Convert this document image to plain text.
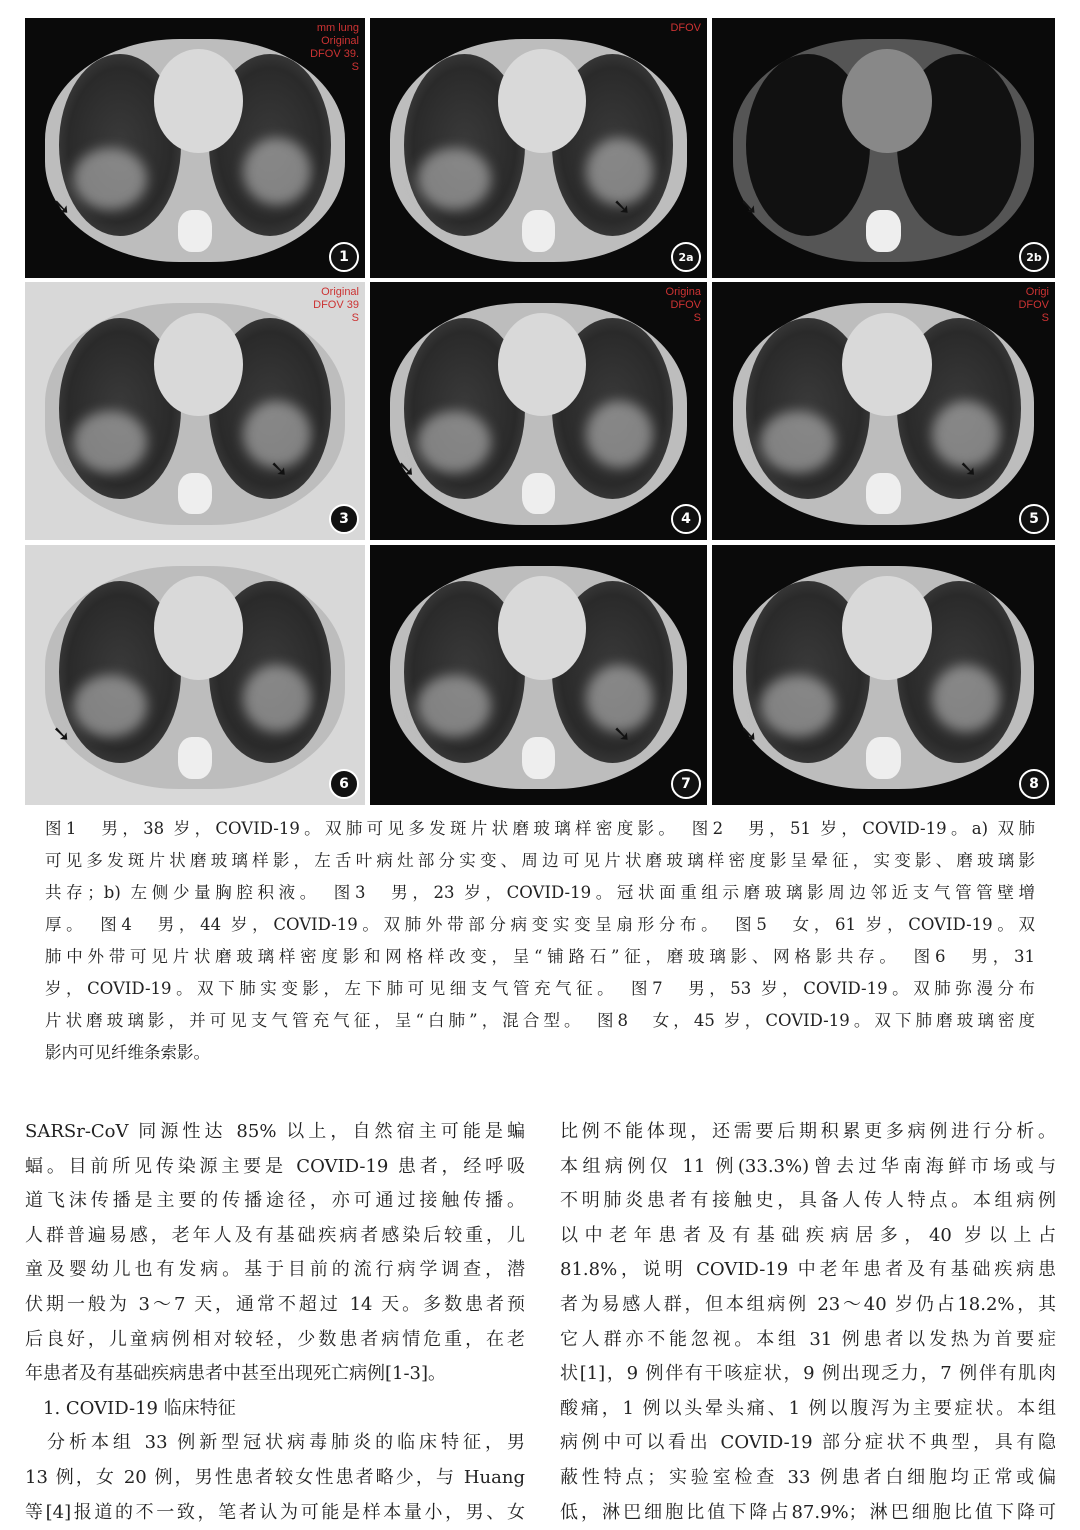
➘
mm lung
Original
DFOV 39.
S
1
➘
DFOV
2a
➘
2b
➘
Original
DFOV 39
S
3
➘
Origina
DFOV
S
4
➘
Origi
DFOV
S
5
➘
6
➘
7
➘
8
图1　男，38 岁，COVID-19。双肺可见多发斑片状磨玻璃样密度影。　图2　男，51 岁，COVID-19。a) 双肺
可见多发斑片状磨玻璃样影，左舌叶病灶部分实变、周边可见片状磨玻璃样密度影呈晕征，实变影、磨玻璃影
共存；b) 左侧少量胸腔积液。　图3　男，23 岁，COVID-19。冠状面重组示磨玻璃影周边邻近支气管管壁增
厚。　图4　男，44 岁，COVID-19。双肺外带部分病变实变呈扇形分布。　图5　女，61 岁，COVID-19。双
肺中外带可见片状磨玻璃样密度影和网格样改变，呈“铺路石”征，磨玻璃影、网格影共存。　图6　男，31
岁，COVID-19。双下肺实变影，左下肺可见细支气管充气征。　图7　男，53 岁，COVID-19。双肺弥漫分布
片状磨玻璃影，并可见支气管充气征，呈“白肺”，混合型。　图8　女，45 岁，COVID-19。双下肺磨玻璃密度
影内可见纤维条索影。
SARSr-CoV 同源性达 85% 以上，自然宿主可能是蝙
蝠。目前所见传染源主要是 COVID-19 患者，经呼吸
道飞沫传播是主要的传播途径，亦可通过接触传播。
人群普遍易感，老年人及有基础疾病者感染后较重，儿
童及婴幼儿也有发病。基于目前的流行病学调查，潜
伏期一般为 3～7 天，通常不超过 14 天。多数患者预
后良好，儿童病例相对较轻，少数患者病情危重，在老
年患者及有基础疾病患者中甚至出现死亡病例[1-3]。
　1. COVID-19 临床特征
　分析本组 33 例新型冠状病毒肺炎的临床特征，男
13 例，女 20 例，男性患者较女性患者略少，与 Huang
等[4]报道的不一致，笔者认为可能是样本量小，男、女
比例不能体现，还需要后期积累更多病例进行分析。
本组病例仅 11 例(33.3%)曾去过华南海鲜市场或与
不明肺炎患者有接触史，具备人传人特点。本组病例
以中老年患者及有基础疾病居多，40 岁以上占
81.8%，说明 COVID-19 中老年患者及有基础疾病患
者为易感人群，但本组病例 23～40 岁仍占18.2%，其
它人群亦不能忽视。本组 31 例患者以发热为首要症
状[1]，9 例伴有干咳症状，9 例出现乏力，7 例伴有肌肉
酸痛，1 例以头晕头痛、1 例以腹泻为主要症状。本组
病例中可以看出 COVID-19 部分症状不典型，具有隐
蔽性特点；实验室检查 33 例患者白细胞均正常或偏
低，淋巴细胞比值下降占87.9%；淋巴细胞比值下降可
